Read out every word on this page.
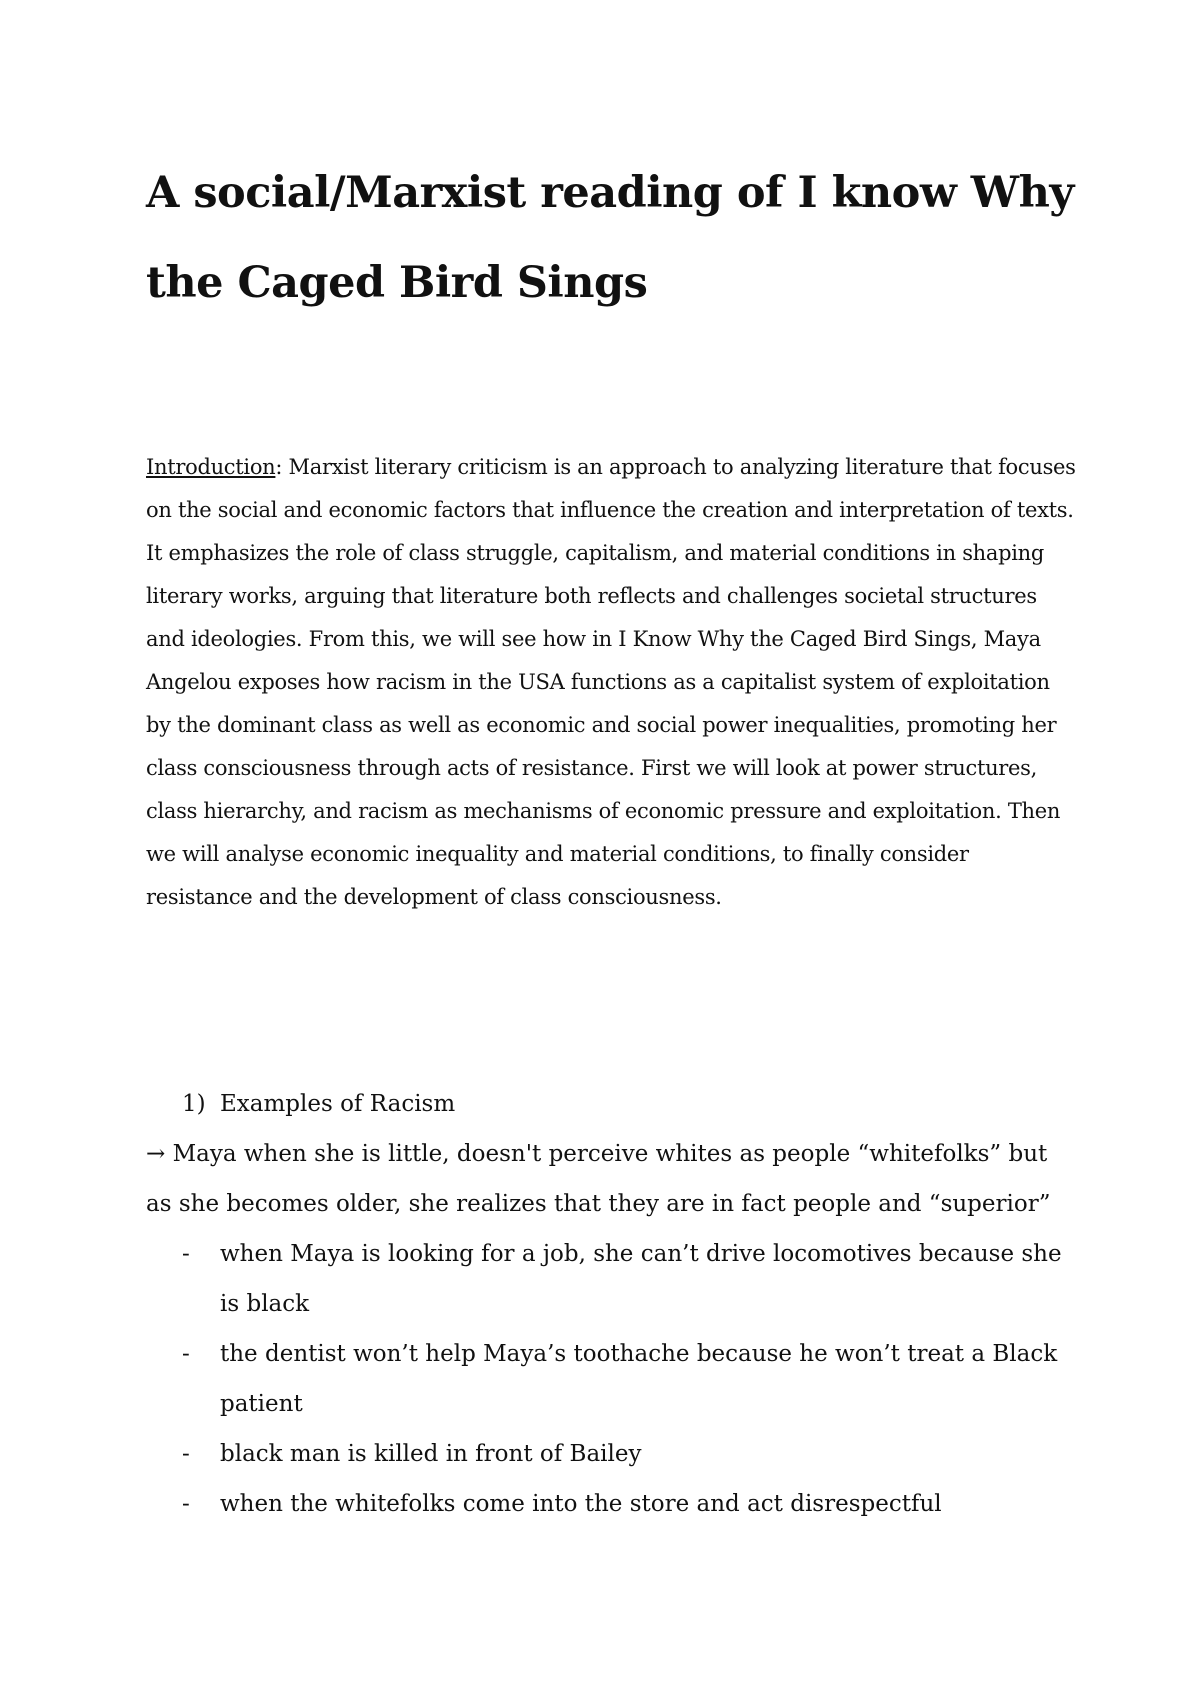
A social/Marxist reading of I know Why the Caged Bird Sings

Introduction: Marxist literary criticism is an approach to analyzing literature that focuses on the social and economic factors that influence the creation and interpretation of texts. It emphasizes the role of class struggle, capitalism, and material conditions in shaping literary works, arguing that literature both reflects and challenges societal structures and ideologies. From this, we will see how in I Know Why the Caged Bird Sings, Maya Angelou exposes how racism in the USA functions as a capitalist system of exploitation by the dominant class as well as economic and social power inequalities, promoting her class consciousness through acts of resistance. First we will look at power structures, class hierarchy, and racism as mechanisms of economic pressure and exploitation. Then we will analyse economic inequality and material conditions, to finally consider resistance and the development of class consciousness.

1) Examples of Racism

→ Maya when she is little, doesn't perceive whites as people “whitefolks” but as she becomes older, she realizes that they are in fact people and “superior”

-	when Maya is looking for a job, she can’t drive locomotives because she is black
-	the dentist won’t help Maya’s toothache because he won’t treat a Black patient
-	black man is killed in front of Bailey
-	when the whitefolks come into the store and act disrespectful
